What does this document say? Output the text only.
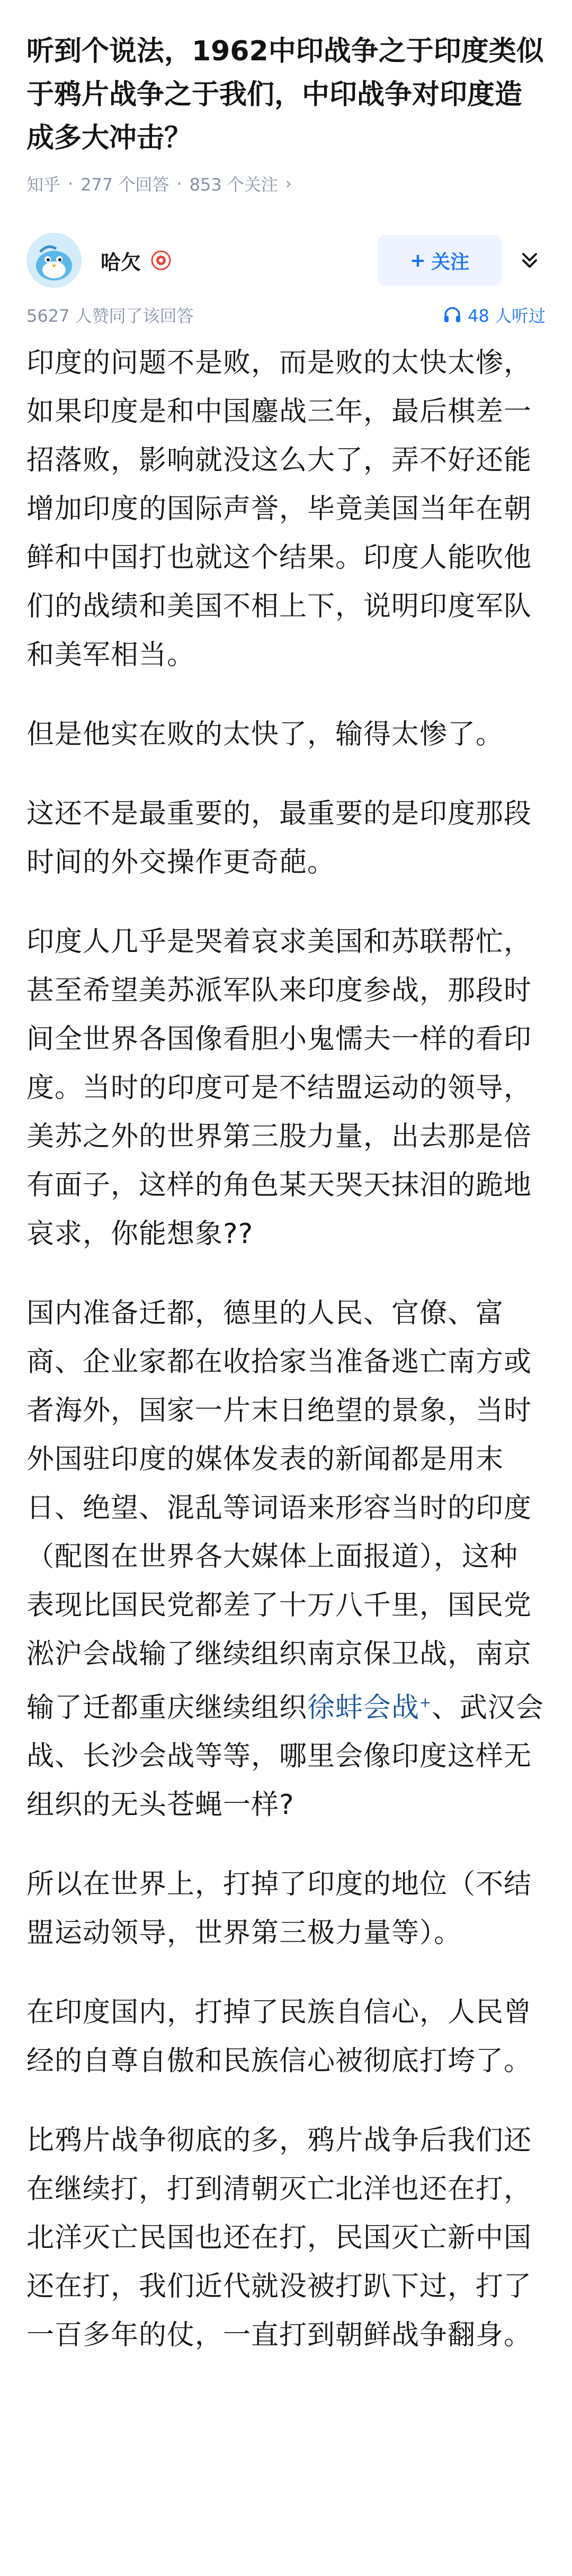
听到个说法，1962中印战争之于印度类似于鸦片战争之于我们，中印战争对印度造成多大冲击？
知乎 · 277 个回答 · 853 个关注 ›
哈欠	+ 关注
5627 人赞同了该回答	48 人听过

印度的问题不是败，而是败的太快太惨，如果印度是和中国鏖战三年，最后棋差一招落败，影响就没这么大了，弄不好还能增加印度的国际声誉，毕竟美国当年在朝鲜和中国打也就这个结果。印度人能吹他们的战绩和美国不相上下，说明印度军队和美军相当。

但是他实在败的太快了，输得太惨了。

这还不是最重要的，最重要的是印度那段时间的外交操作更奇葩。

印度人几乎是哭着哀求美国和苏联帮忙，甚至希望美苏派军队来印度参战，那段时间全世界各国像看胆小鬼懦夫一样的看印度。当时的印度可是不结盟运动的领导，美苏之外的世界第三股力量，出去那是倍有面子，这样的角色某天哭天抹泪的跪地哀求，你能想象??

国内准备迁都，德里的人民、官僚、富商、企业家都在收拾家当准备逃亡南方或者海外，国家一片末日绝望的景象，当时外国驻印度的媒体发表的新闻都是用末日、绝望、混乱等词语来形容当时的印度（配图在世界各大媒体上面报道），这种表现比国民党都差了十万八千里，国民党淞沪会战输了继续组织南京保卫战，南京输了迁都重庆继续组织徐蚌会战+、武汉会战、长沙会战等等，哪里会像印度这样无组织的无头苍蝇一样?

所以在世界上，打掉了印度的地位（不结盟运动领导，世界第三极力量等）。

在印度国内，打掉了民族自信心，人民曾经的自尊自傲和民族信心被彻底打垮了。

比鸦片战争彻底的多，鸦片战争后我们还在继续打，打到清朝灭亡北洋也还在打，北洋灭亡民国也还在打，民国灭亡新中国还在打，我们近代就没被打趴下过，打了一百多年的仗，一直打到朝鲜战争翻身。
